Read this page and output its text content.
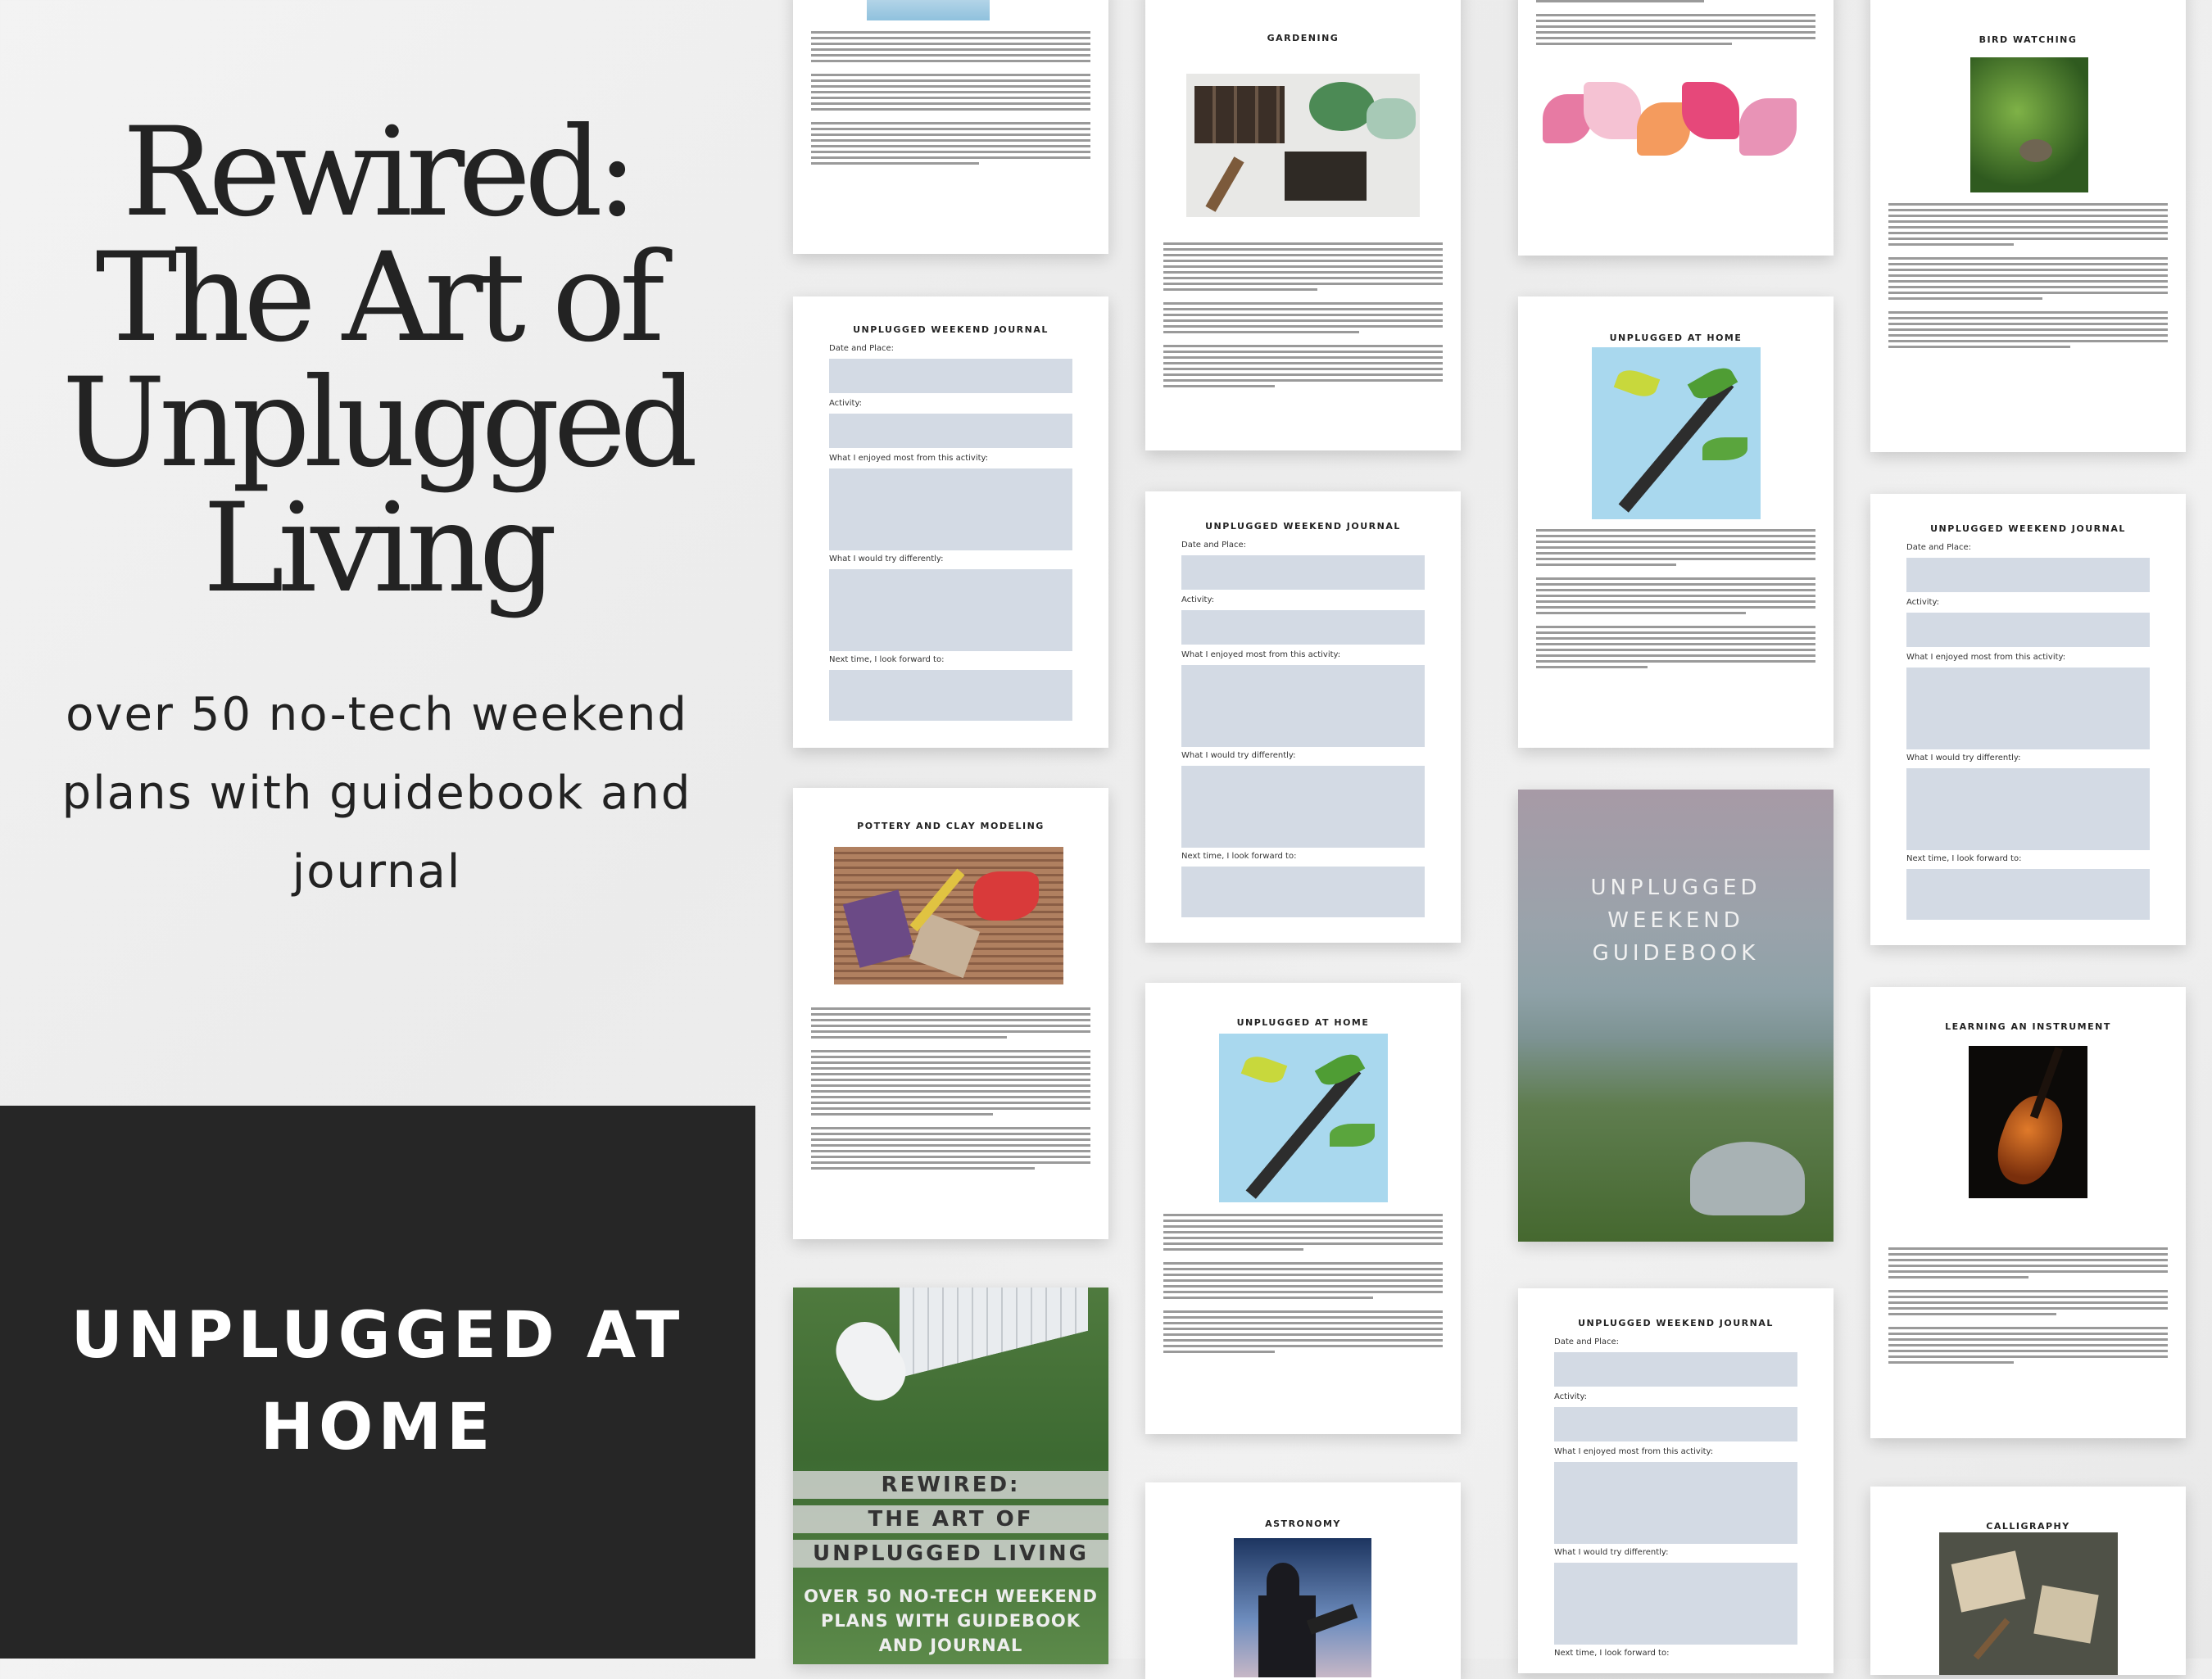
Rewired:
The Art of
Unplugged
Living

over 50 no-tech weekend
plans with guidebook and
journal

UNPLUGGED AT
HOME
UNPLUGGED WEEKEND JOURNAL
Date and Place:
Activity:
What I enjoyed most from this activity:
What I would try differently:
Next time, I look forward to:
POTTERY AND CLAY MODELING
REWIRED:
THE ART OF
UNPLUGGED LIVING
OVER 50 NO-TECH WEEKEND
PLANS WITH GUIDEBOOK
AND JOURNAL
GARDENING
UNPLUGGED WEEKEND JOURNAL
Date and Place:
Activity:
What I enjoyed most from this activity:
What I would try differently:
Next time, I look forward to:
UNPLUGGED AT HOME
ASTRONOMY
UNPLUGGED AT HOME
UNPLUGGED
WEEKEND
GUIDEBOOK
UNPLUGGED WEEKEND JOURNAL
Date and Place:
Activity:
What I enjoyed most from this activity:
What I would try differently:
Next time, I look forward to:
BIRD WATCHING
UNPLUGGED WEEKEND JOURNAL
Date and Place:
Activity:
What I enjoyed most from this activity:
What I would try differently:
Next time, I look forward to:
LEARNING AN INSTRUMENT
CALLIGRAPHY
